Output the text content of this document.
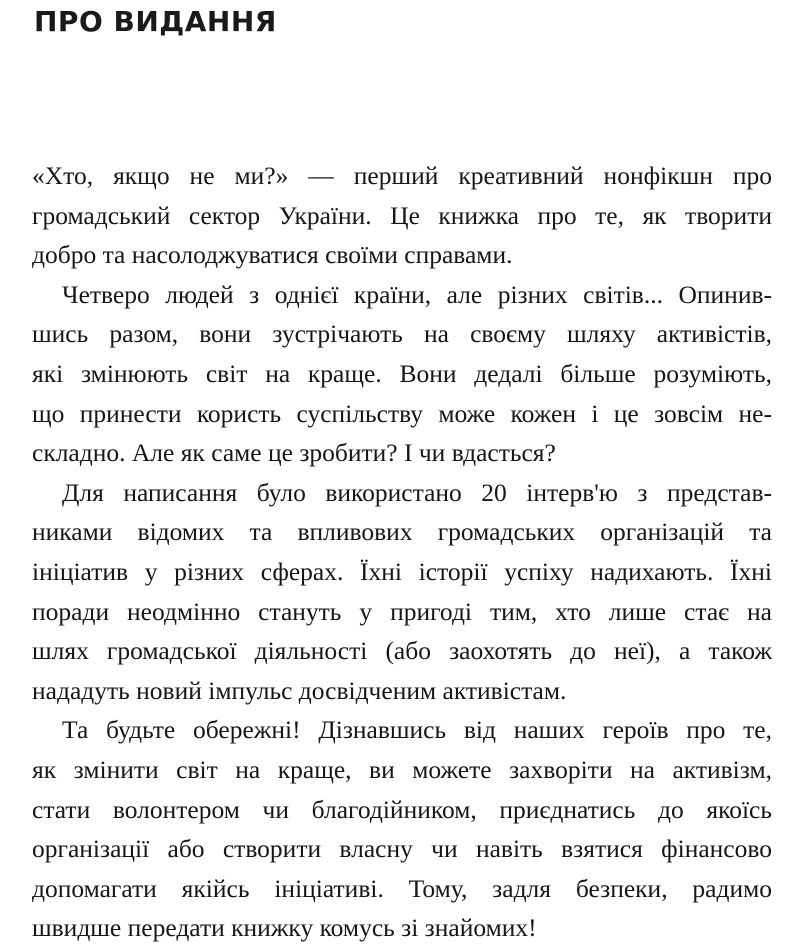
ПРО ВИДАННЯ
«Хто, якщо не ми?» — перший креативний нонфікшн про
громадський сектор України. Це книжка про те, як творити
добро та насолоджуватися своїми справами.
Четверо людей з однієї країни, але різних світів... Опинив-
шись разом, вони зустрічають на своєму шляху активістів,
які змінюють світ на краще. Вони дедалі більше розуміють,
що принести користь суспільству може кожен і це зовсім не-
складно. Але як саме це зробити? І чи вдасться?
Для написання було використано 20 інтерв'ю з представ-
никами відомих та впливових громадських організацій та
ініціатив у різних сферах. Їхні історії успіху надихають. Їхні
поради неодмінно стануть у пригоді тим, хто лише стає на
шлях громадської діяльності (або заохотять до неї), а також
нададуть новий імпульс досвідченим активістам.
Та будьте обережні! Дізнавшись від наших героїв про те,
як змінити світ на краще, ви можете захворіти на активізм,
стати волонтером чи благодійником, приєднатись до якоїсь
організації або створити власну чи навіть взятися фінансово
допомагати якійсь ініціативі. Тому, задля безпеки, радимо
швидше передати книжку комусь зі знайомих!
